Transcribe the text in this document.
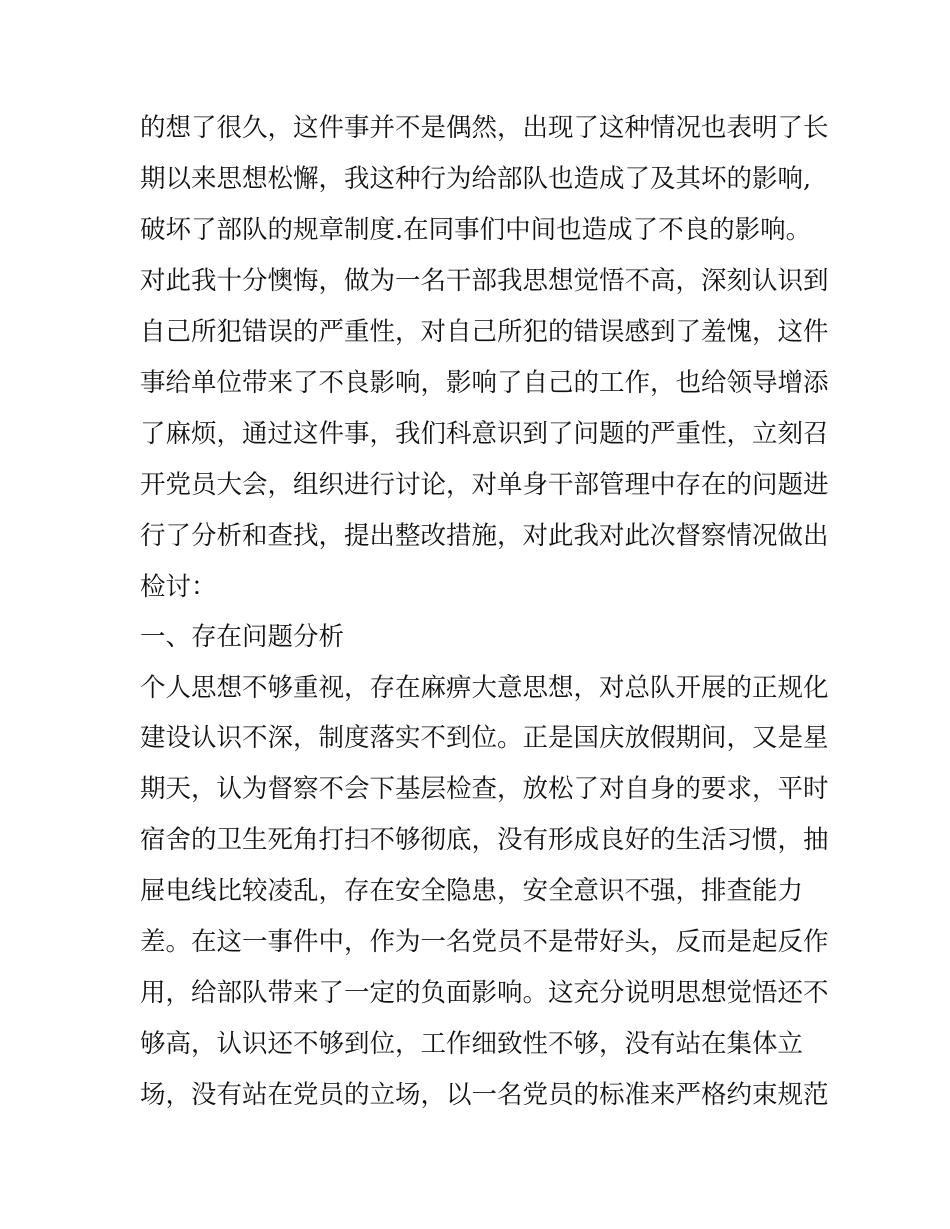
的想了很久，这件事并不是偶然，出现了这种情况也表明了长
期以来思想松懈，我这种行为给部队也造成了及其坏的影响,
破坏了部队的规章制度.在同事们中间也造成了不良的影响。
对此我十分懊悔，做为一名干部我思想觉悟不高，深刻认识到
自己所犯错误的严重性，对自己所犯的错误感到了羞愧，这件
事给单位带来了不良影响，影响了自己的工作，也给领导增添
了麻烦，通过这件事，我们科意识到了问题的严重性，立刻召
开党员大会，组织进行讨论，对单身干部管理中存在的问题进
行了分析和查找，提出整改措施，对此我对此次督察情况做出
检讨：
一、存在问题分析
个人思想不够重视，存在麻痹大意思想，对总队开展的正规化
建设认识不深，制度落实不到位。正是国庆放假期间，又是星
期天，认为督察不会下基层检查，放松了对自身的要求，平时
宿舍的卫生死角打扫不够彻底，没有形成良好的生活习惯，抽
屉电线比较凌乱，存在安全隐患，安全意识不强，排查能力
差。在这一事件中，作为一名党员不是带好头，反而是起反作
用，给部队带来了一定的负面影响。这充分说明思想觉悟还不
够高，认识还不够到位，工作细致性不够，没有站在集体立
场，没有站在党员的立场，以一名党员的标准来严格约束规范
